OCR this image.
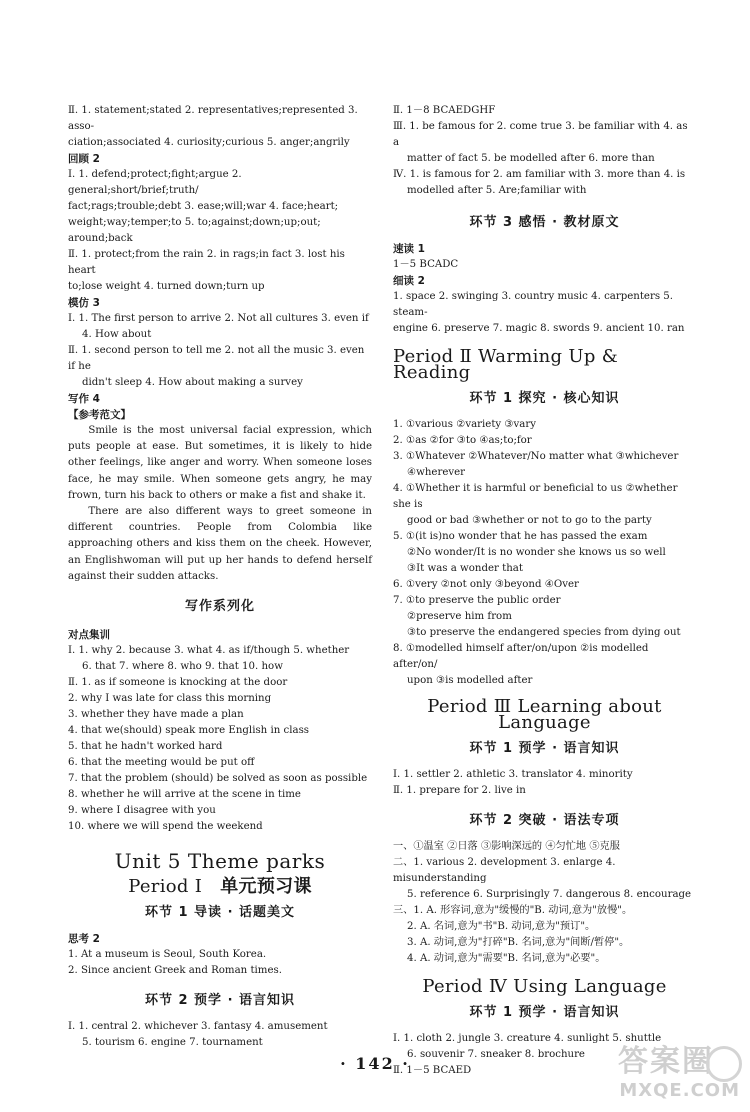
Ⅱ. 1. statement;stated 2. representatives;represented 3. asso-
ciation;associated 4. curiosity;curious 5. anger;angrily
回顾 2
Ⅰ. 1. defend;protect;fight;argue 2. general;short/brief;truth/
fact;rags;trouble;debt 3. ease;will;war 4. face;heart;
weight;way;temper;to 5. to;against;down;up;out;
around;back
Ⅱ. 1. protect;from the rain 2. in rags;in fact 3. lost his heart
to;lose weight 4. turned down;turn up
模仿 3
Ⅰ. 1. The first person to arrive 2. Not all cultures 3. even if
4. How about
Ⅱ. 1. second person to tell me 2. not all the music 3. even if he
didn't sleep 4. How about making a survey
写作 4
【参考范文】
Smile is the most universal facial expression, which puts people at ease. But sometimes, it is likely to hide other feelings, like anger and worry. When someone loses face, he may smile. When someone gets angry, he may frown, turn his back to others or make a fist and shake it.
There are also different ways to greet someone in different countries. People from Colombia like approaching others and kiss them on the cheek. However, an Englishwoman will put up her hands to defend herself against their sudden attacks.
写作系列化
对点集训
Ⅰ. 1. why 2. because 3. what 4. as if/though 5. whether
6. that 7. where 8. who 9. that 10. how
Ⅱ. 1. as if someone is knocking at the door
2. why I was late for class this morning
3. whether they have made a plan
4. that we(should) speak more English in class
5. that he hadn't worked hard
6. that the meeting would be put off
7. that the problem (should) be solved as soon as possible
8. whether he will arrive at the scene in time
9. where I disagree with you
10. where we will spend the weekend
Unit 5 Theme parks
Period Ⅰ 单元预习课
环节 1 导读 · 话题美文
思考 2
1. At a museum is Seoul, South Korea.
2. Since ancient Greek and Roman times.
环节 2 预学 · 语言知识
Ⅰ. 1. central 2. whichever 3. fantasy 4. amusement
5. tourism 6. engine 7. tournament
Ⅱ. 1－8 BCAEDGHF
Ⅲ. 1. be famous for 2. come true 3. be familiar with 4. as a
matter of fact 5. be modelled after 6. more than
Ⅳ. 1. is famous for 2. am familiar with 3. more than 4. is
modelled after 5. Are;familiar with
环节 3 感悟 · 教材原文
速读 1
1－5 BCADC
细读 2
1. space 2. swinging 3. country music 4. carpenters 5. steam-
engine 6. preserve 7. magic 8. swords 9. ancient 10. ran
Period Ⅱ Warming Up & Reading
环节 1 探究 · 核心知识
1. ①various ②variety ③vary
2. ①as ②for ③to ④as;to;for
3. ①Whatever ②Whatever/No matter what ③whichever
④wherever
4. ①Whether it is harmful or beneficial to us ②whether she is
good or bad ③whether or not to go to the party
5. ①(it is)no wonder that he has passed the exam
②No wonder/It is no wonder she knows us so well
③It was a wonder that
6. ①very ②not only ③beyond ④Over
7. ①to preserve the public order
②preserve him from
③to preserve the endangered species from dying out
8. ①modelled himself after/on/upon ②is modelled after/on/
upon ③is modelled after
Period Ⅲ Learning about Language
环节 1 预学 · 语言知识
Ⅰ. 1. settler 2. athletic 3. translator 4. minority
Ⅱ. 1. prepare for 2. live in
环节 2 突破 · 语法专项
一、①温室 ②日落 ③影响深远的 ④匀忙地 ⑤克服
二、1. various 2. development 3. enlarge 4. misunderstanding
5. reference 6. Surprisingly 7. dangerous 8. encourage
三、1. A. 形容词,意为"缓慢的"B. 动词,意为"放慢"。
2. A. 名词,意为"书"B. 动词,意为"预订"。
3. A. 动词,意为"打碎"B. 名词,意为"间断/暂停"。
4. A. 动词,意为"需要"B. 名词,意为"必要"。
Period Ⅳ Using Language
环节 1 预学 · 语言知识
Ⅰ. 1. cloth 2. jungle 3. creature 4. sunlight 5. shuttle
6. souvenir 7. sneaker 8. brochure
Ⅱ. 1－5 BCAED
· 142 ·	答案圈
MXQE.COM
